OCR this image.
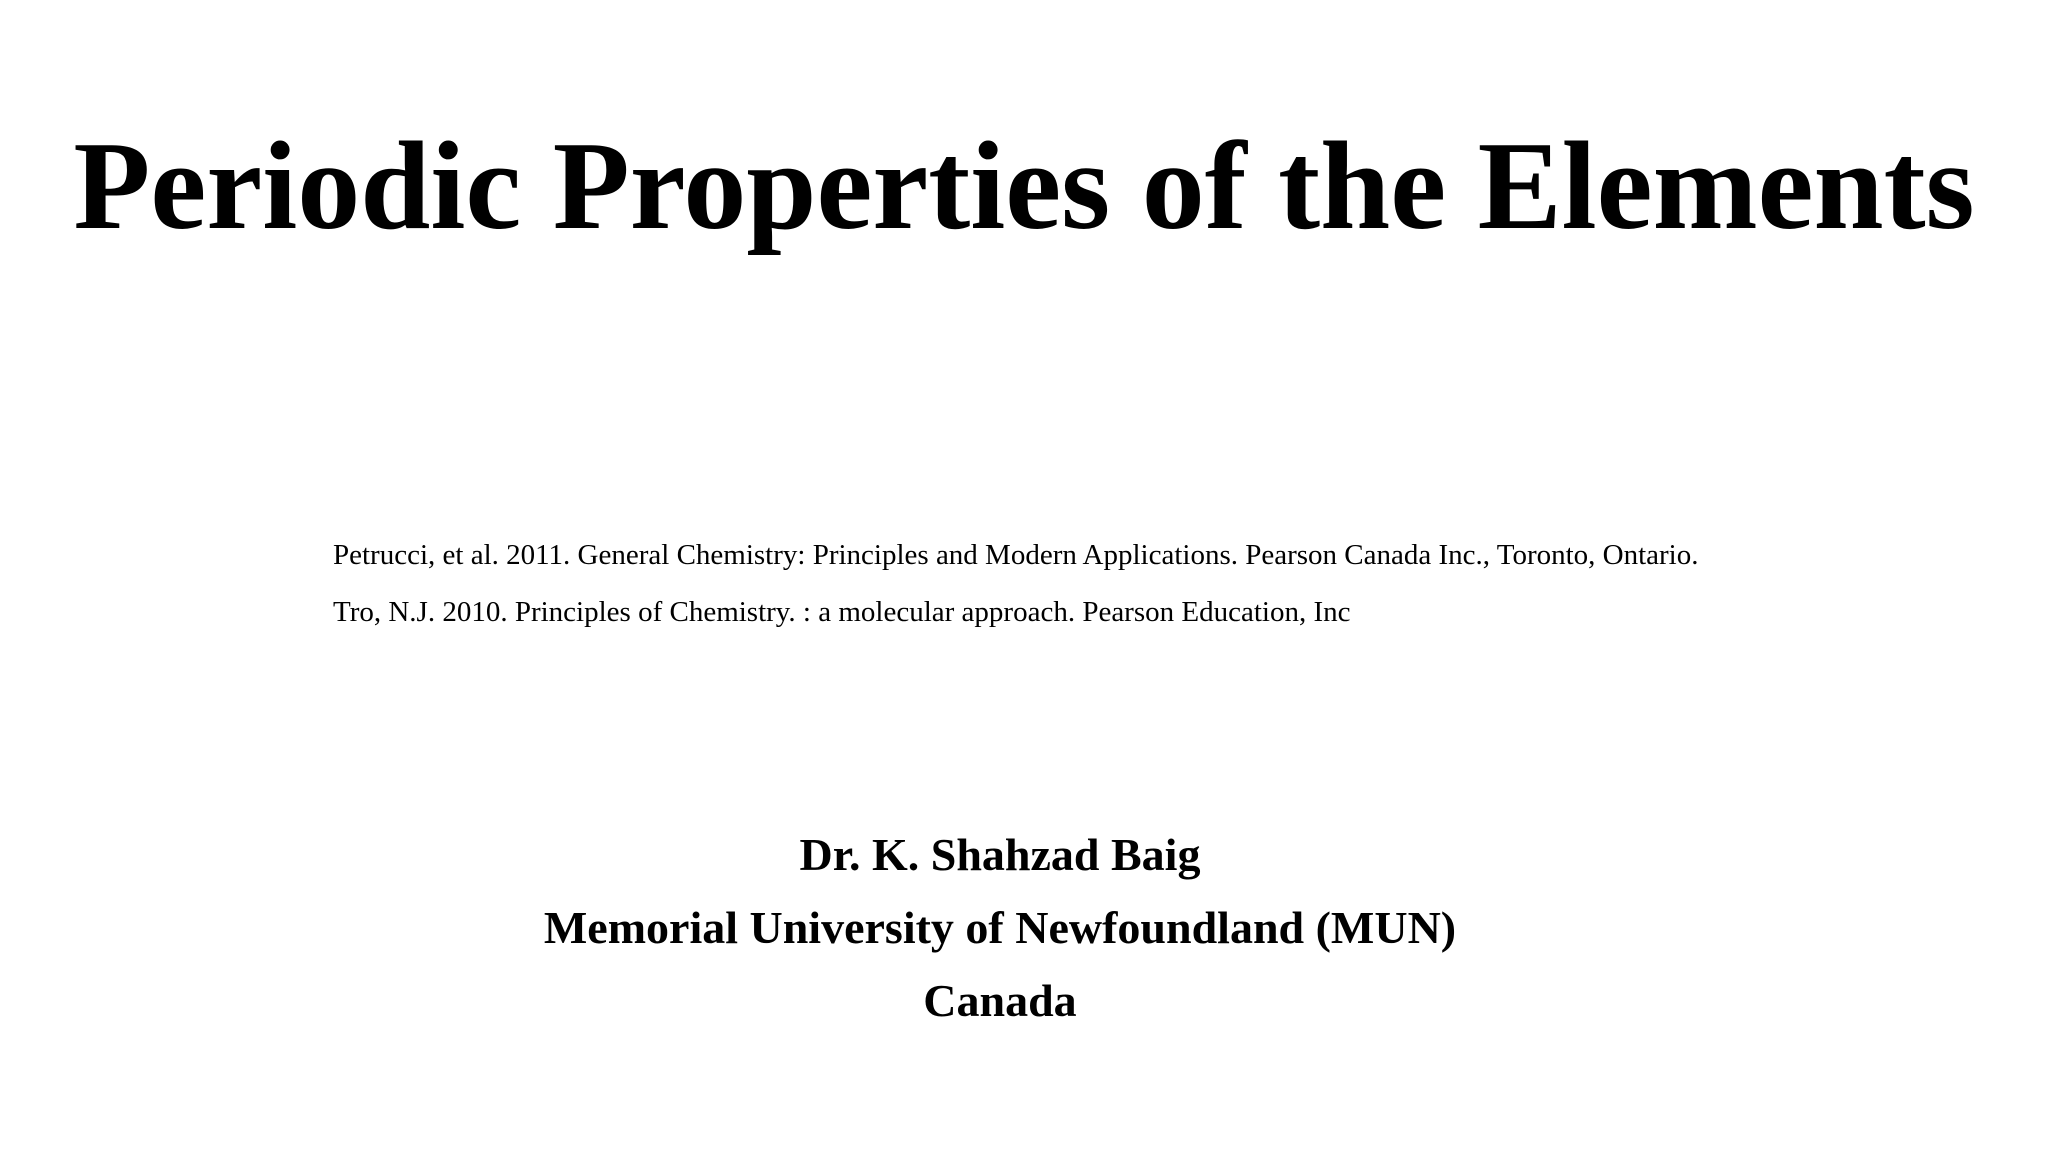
Periodic Properties of the Elements
Petrucci, et al. 2011. General Chemistry: Principles and Modern Applications. Pearson Canada Inc., Toronto, Ontario.
Tro, N.J. 2010. Principles of Chemistry. : a molecular approach. Pearson Education, Inc
Dr. K. Shahzad Baig
Memorial University of Newfoundland (MUN)
Canada
